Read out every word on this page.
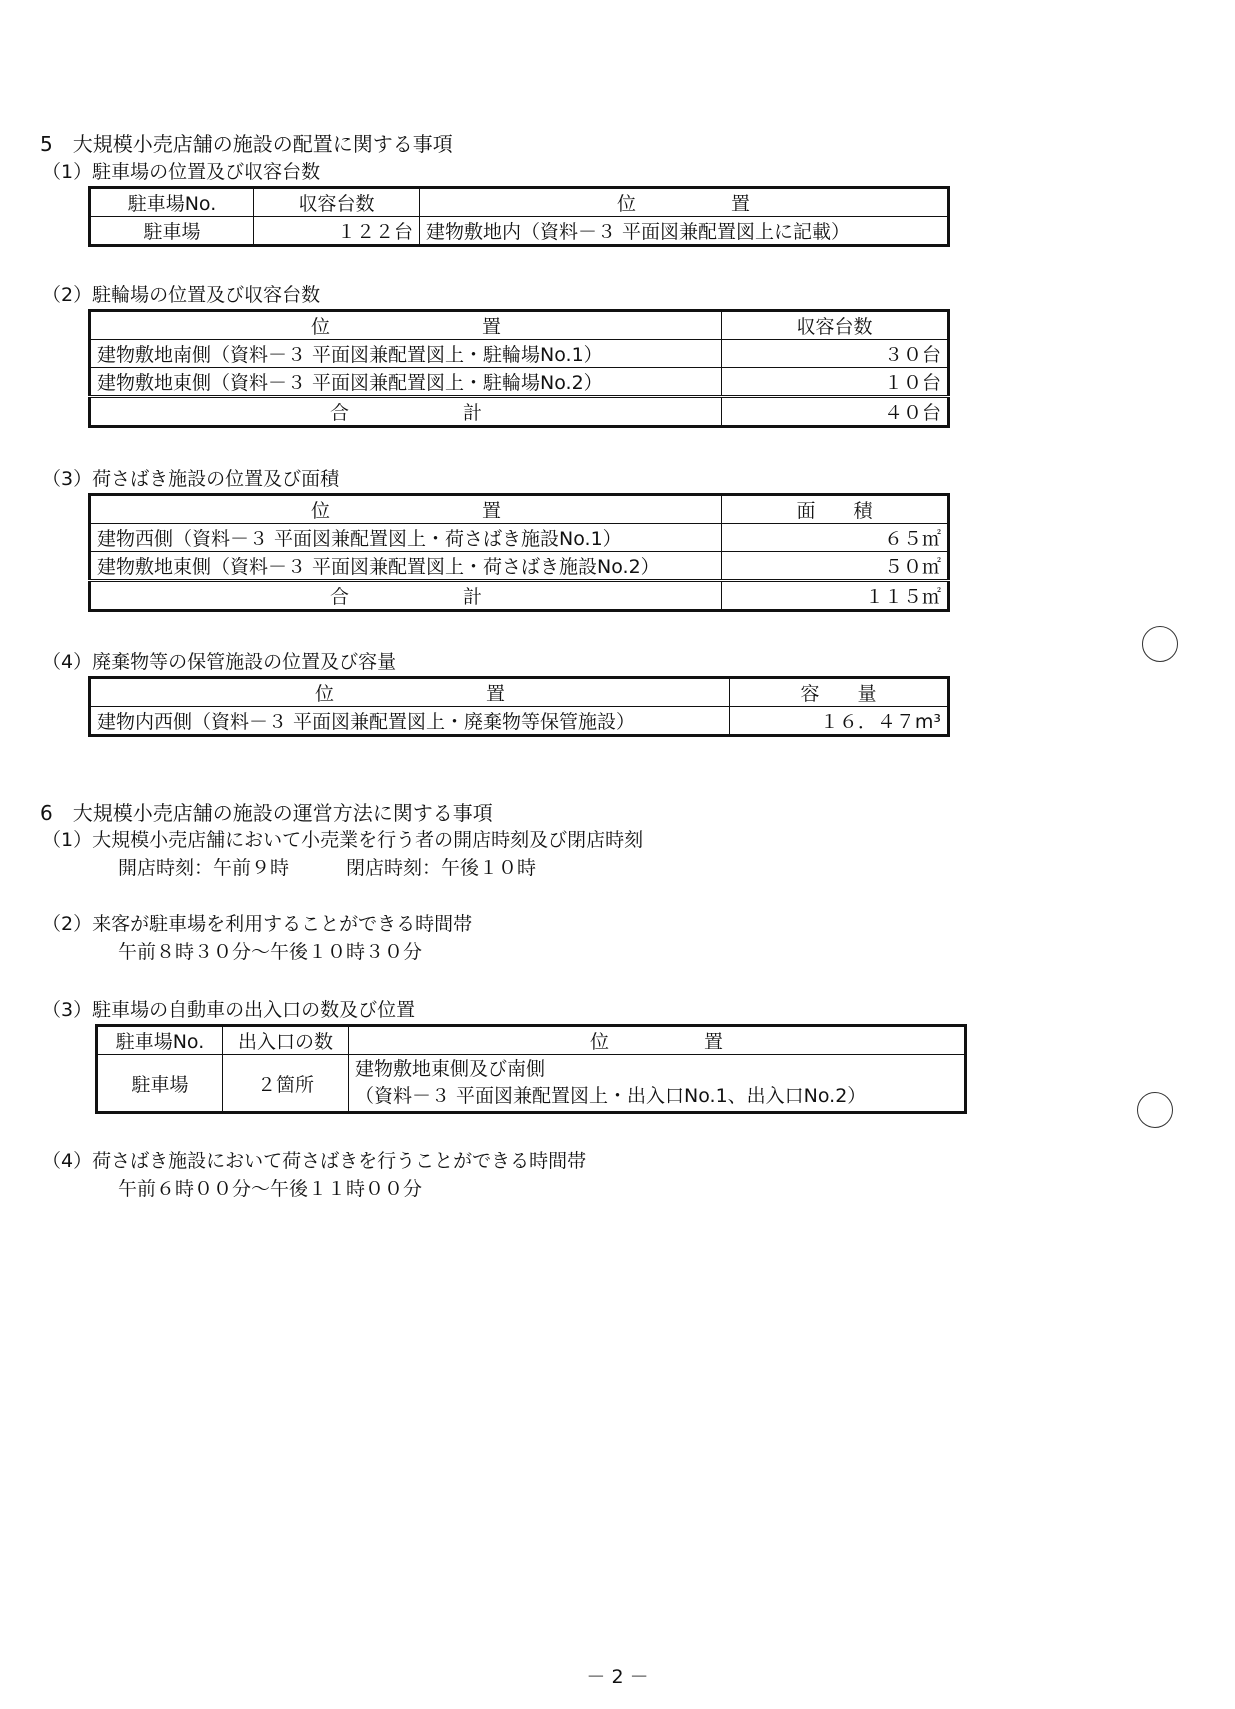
5　大規模小売店舗の施設の配置に関する事項
（1）駐車場の位置及び収容台数
駐車場No.	収容台数	位　　　　　置
駐車場	１２２台	建物敷地内（資料－３ 平面図兼配置図上に記載）
（2）駐輪場の位置及び収容台数
位　　　　　　　　置	収容台数
建物敷地南側（資料－３ 平面図兼配置図上・駐輪場No.1）	３０台
建物敷地東側（資料－３ 平面図兼配置図上・駐輪場No.2）	１０台
合　　　　　　計	４０台
（3）荷さばき施設の位置及び面積
位　　　　　　　　置	面　　積
建物西側（資料－３ 平面図兼配置図上・荷さばき施設No.1）	６５㎡
建物敷地東側（資料－３ 平面図兼配置図上・荷さばき施設No.2）	５０㎡
合　　　　　　計	１１５㎡
（4）廃棄物等の保管施設の位置及び容量
位　　　　　　　　置	容　　量
建物内西側（資料－３ 平面図兼配置図上・廃棄物等保管施設）	１６．４７m³
6　大規模小売店舗の施設の運営方法に関する事項
（1）大規模小売店舗において小売業を行う者の開店時刻及び閉店時刻
開店時刻：午前９時　　　閉店時刻：午後１０時
（2）来客が駐車場を利用することができる時間帯
午前８時３０分～午後１０時３０分
（3）駐車場の自動車の出入口の数及び位置
駐車場No.	出入口の数	位　　　　　置
駐車場	２箇所	建物敷地東側及び南側
（資料－３ 平面図兼配置図上・出入口No.1、出入口No.2）
（4）荷さばき施設において荷さばきを行うことができる時間帯
午前６時００分～午後１１時００分
－ 2 －
